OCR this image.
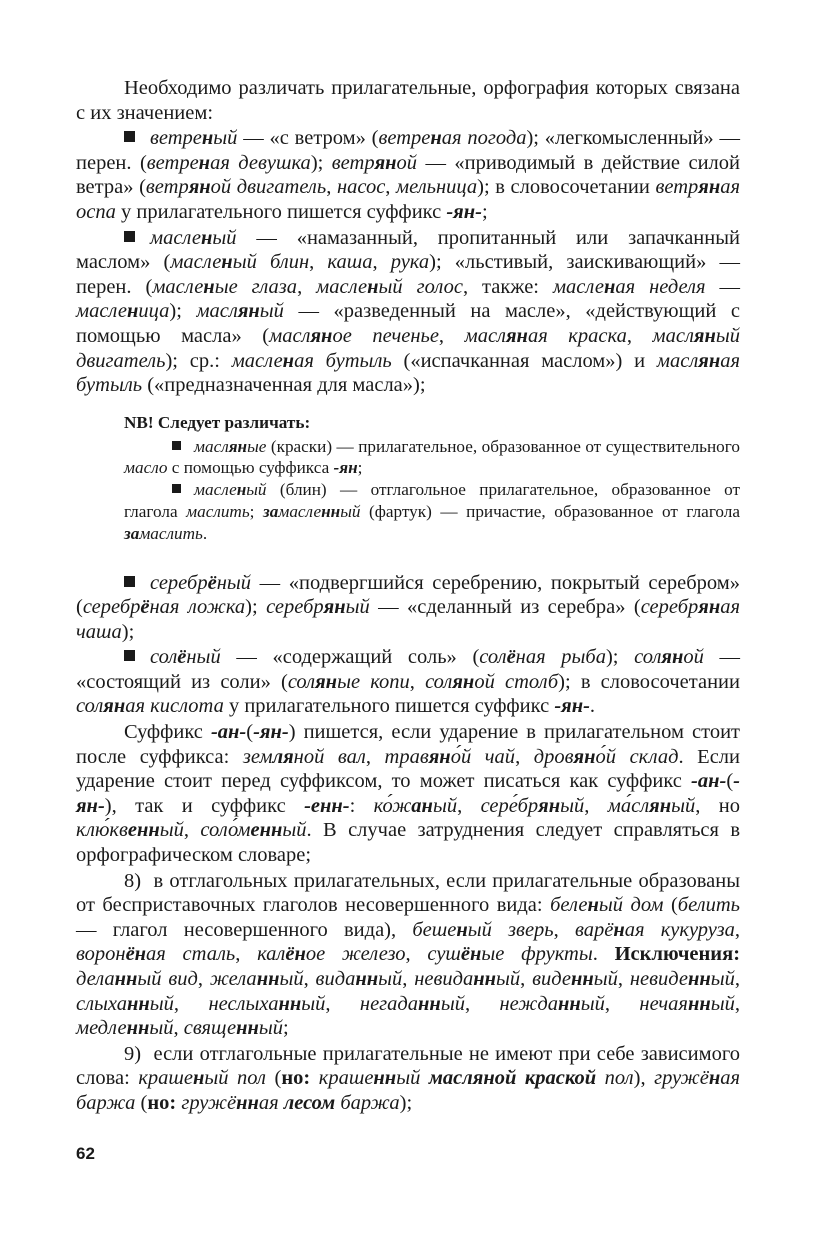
Необходимо различать прилагательные, орфография которых связана с их значением:

ветреный — «с ветром» (ветреная погода); «легкомысленный» — перен. (ветреная девушка); ветряной — «приводимый в действие силой ветра» (ветряной двигатель, насос, мельница); в словосочетании ветряная оспа у прилагательного пишется суффикс -ян-;

масленый — «намазанный, пропитанный или запачканный маслом» (масленый блин, каша, рука); «льстивый, заискивающий» — перен. (масленые глаза, масленый голос, также: масленая неделя — масленица); масляный — «разведенный на масле», «действующий с помощью масла» (масляное печенье, масляная краска, масляный двигатель); ср.: масленая бутыль («испачканная маслом») и масляная бутыль («предназначенная для масла»);

NB! Следует различать:
масляные (краски) — прилагательное, образованное от существительного масло с помощью суффикса -ян;
масленый (блин) — отглагольное прилагательное, образованное от глагола маслить; замасленный (фартук) — причастие, образованное от глагола замаслить.

серебрёный — «подвергшийся серебрению, покрытый серебром» (серебрёная ложка); серебряный — «сделанный из серебра» (серебряная чаша);

солёный — «содержащий соль» (солёная рыба); соляной — «состоящий из соли» (соляные копи, соляной столб); в словосочетании соляная кислота у прилагательного пишется суффикс -ян-.

Суффикс -ан-(-ян-) пишется, если ударение в прилагательном стоит после суффикса: земляной вал, травяно́й чай, дровяно́й склад. Если ударение стоит перед суффиксом, то может писаться как суффикс -ан-(-ян-), так и суффикс -енн-: ко́жаный, сере́бряный, ма́сляный, но клю́квенный, соло́менный. В случае затруднения следует справляться в орфографическом словаре;

8)  в отглагольных прилагательных, если прилагательные образованы от бесприставочных глаголов несовершенного вида: беленый дом (белить — глагол несовершенного вида), бешеный зверь, варёная кукуруза, воронёная сталь, калёное железо, сушёные фрукты. Исключения: деланный вид, желанный, виданный, невиданный, виденный, невиденный, слыханный, неслыханный, негаданный, нежданный, нечаянный, медленный, священный;

9)  если отглагольные прилагательные не имеют при себе зависимого слова: крашеный пол (но: крашенный масляной краской пол), гружёная баржа (но: гружённая лесом баржа);

62
